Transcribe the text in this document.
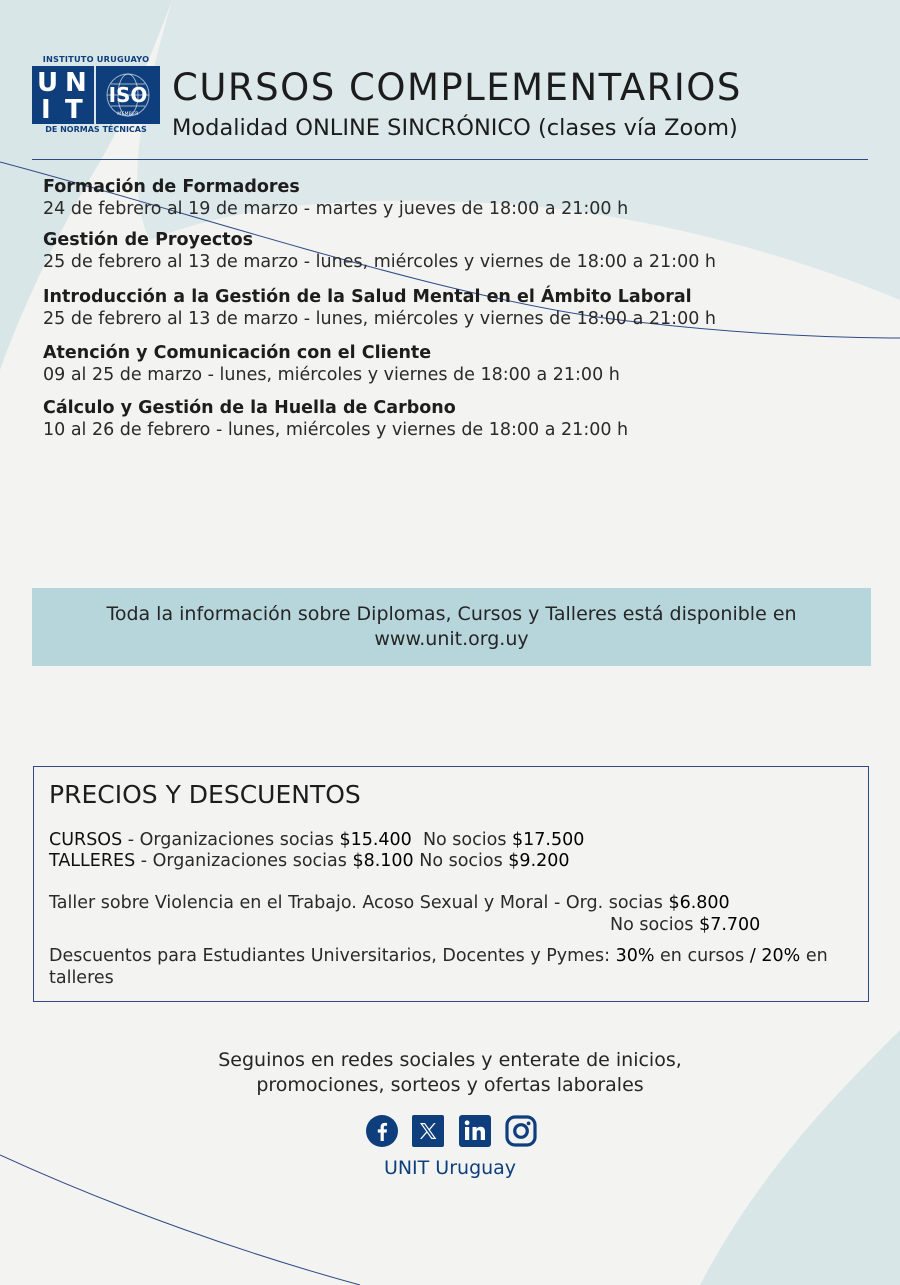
INSTITUTO URUGUAYO
U N
I T	ISO
MEMBER
DE NORMAS TÉCNICAS
CURSOS COMPLEMENTARIOS
Modalidad ONLINE SINCRÓNICO (clases vía Zoom)
Formación de Formadores
24 de febrero al 19 de marzo - martes y jueves de 18:00 a 21:00 h
Gestión de Proyectos
25 de febrero al 13 de marzo - lunes, miércoles y viernes de 18:00 a 21:00 h
Introducción a la Gestión de la Salud Mental en el Ámbito Laboral
25 de febrero al 13 de marzo - lunes, miércoles y viernes de 18:00 a 21:00 h
Atención y Comunicación con el Cliente
09 al 25 de marzo - lunes, miércoles y viernes de 18:00 a 21:00 h
Cálculo y Gestión de la Huella de Carbono
10 al 26 de febrero - lunes, miércoles y viernes de 18:00 a 21:00 h
Toda la información sobre Diplomas, Cursos y Talleres está disponible en
www.unit.org.uy
PRECIOS Y DESCUENTOS
CURSOS - Organizaciones socias $15.400  No socios $17.500
TALLERES - Organizaciones socias $8.100 No socios $9.200
Taller sobre Violencia en el Trabajo. Acoso Sexual y Moral - Org. socias $6.800
No socios $7.700
Descuentos para Estudiantes Universitarios, Docentes y Pymes: 30% en cursos / 20% en talleres
Seguinos en redes sociales y enterate de inicios,
promociones, sorteos y ofertas laborales
UNIT Uruguay
